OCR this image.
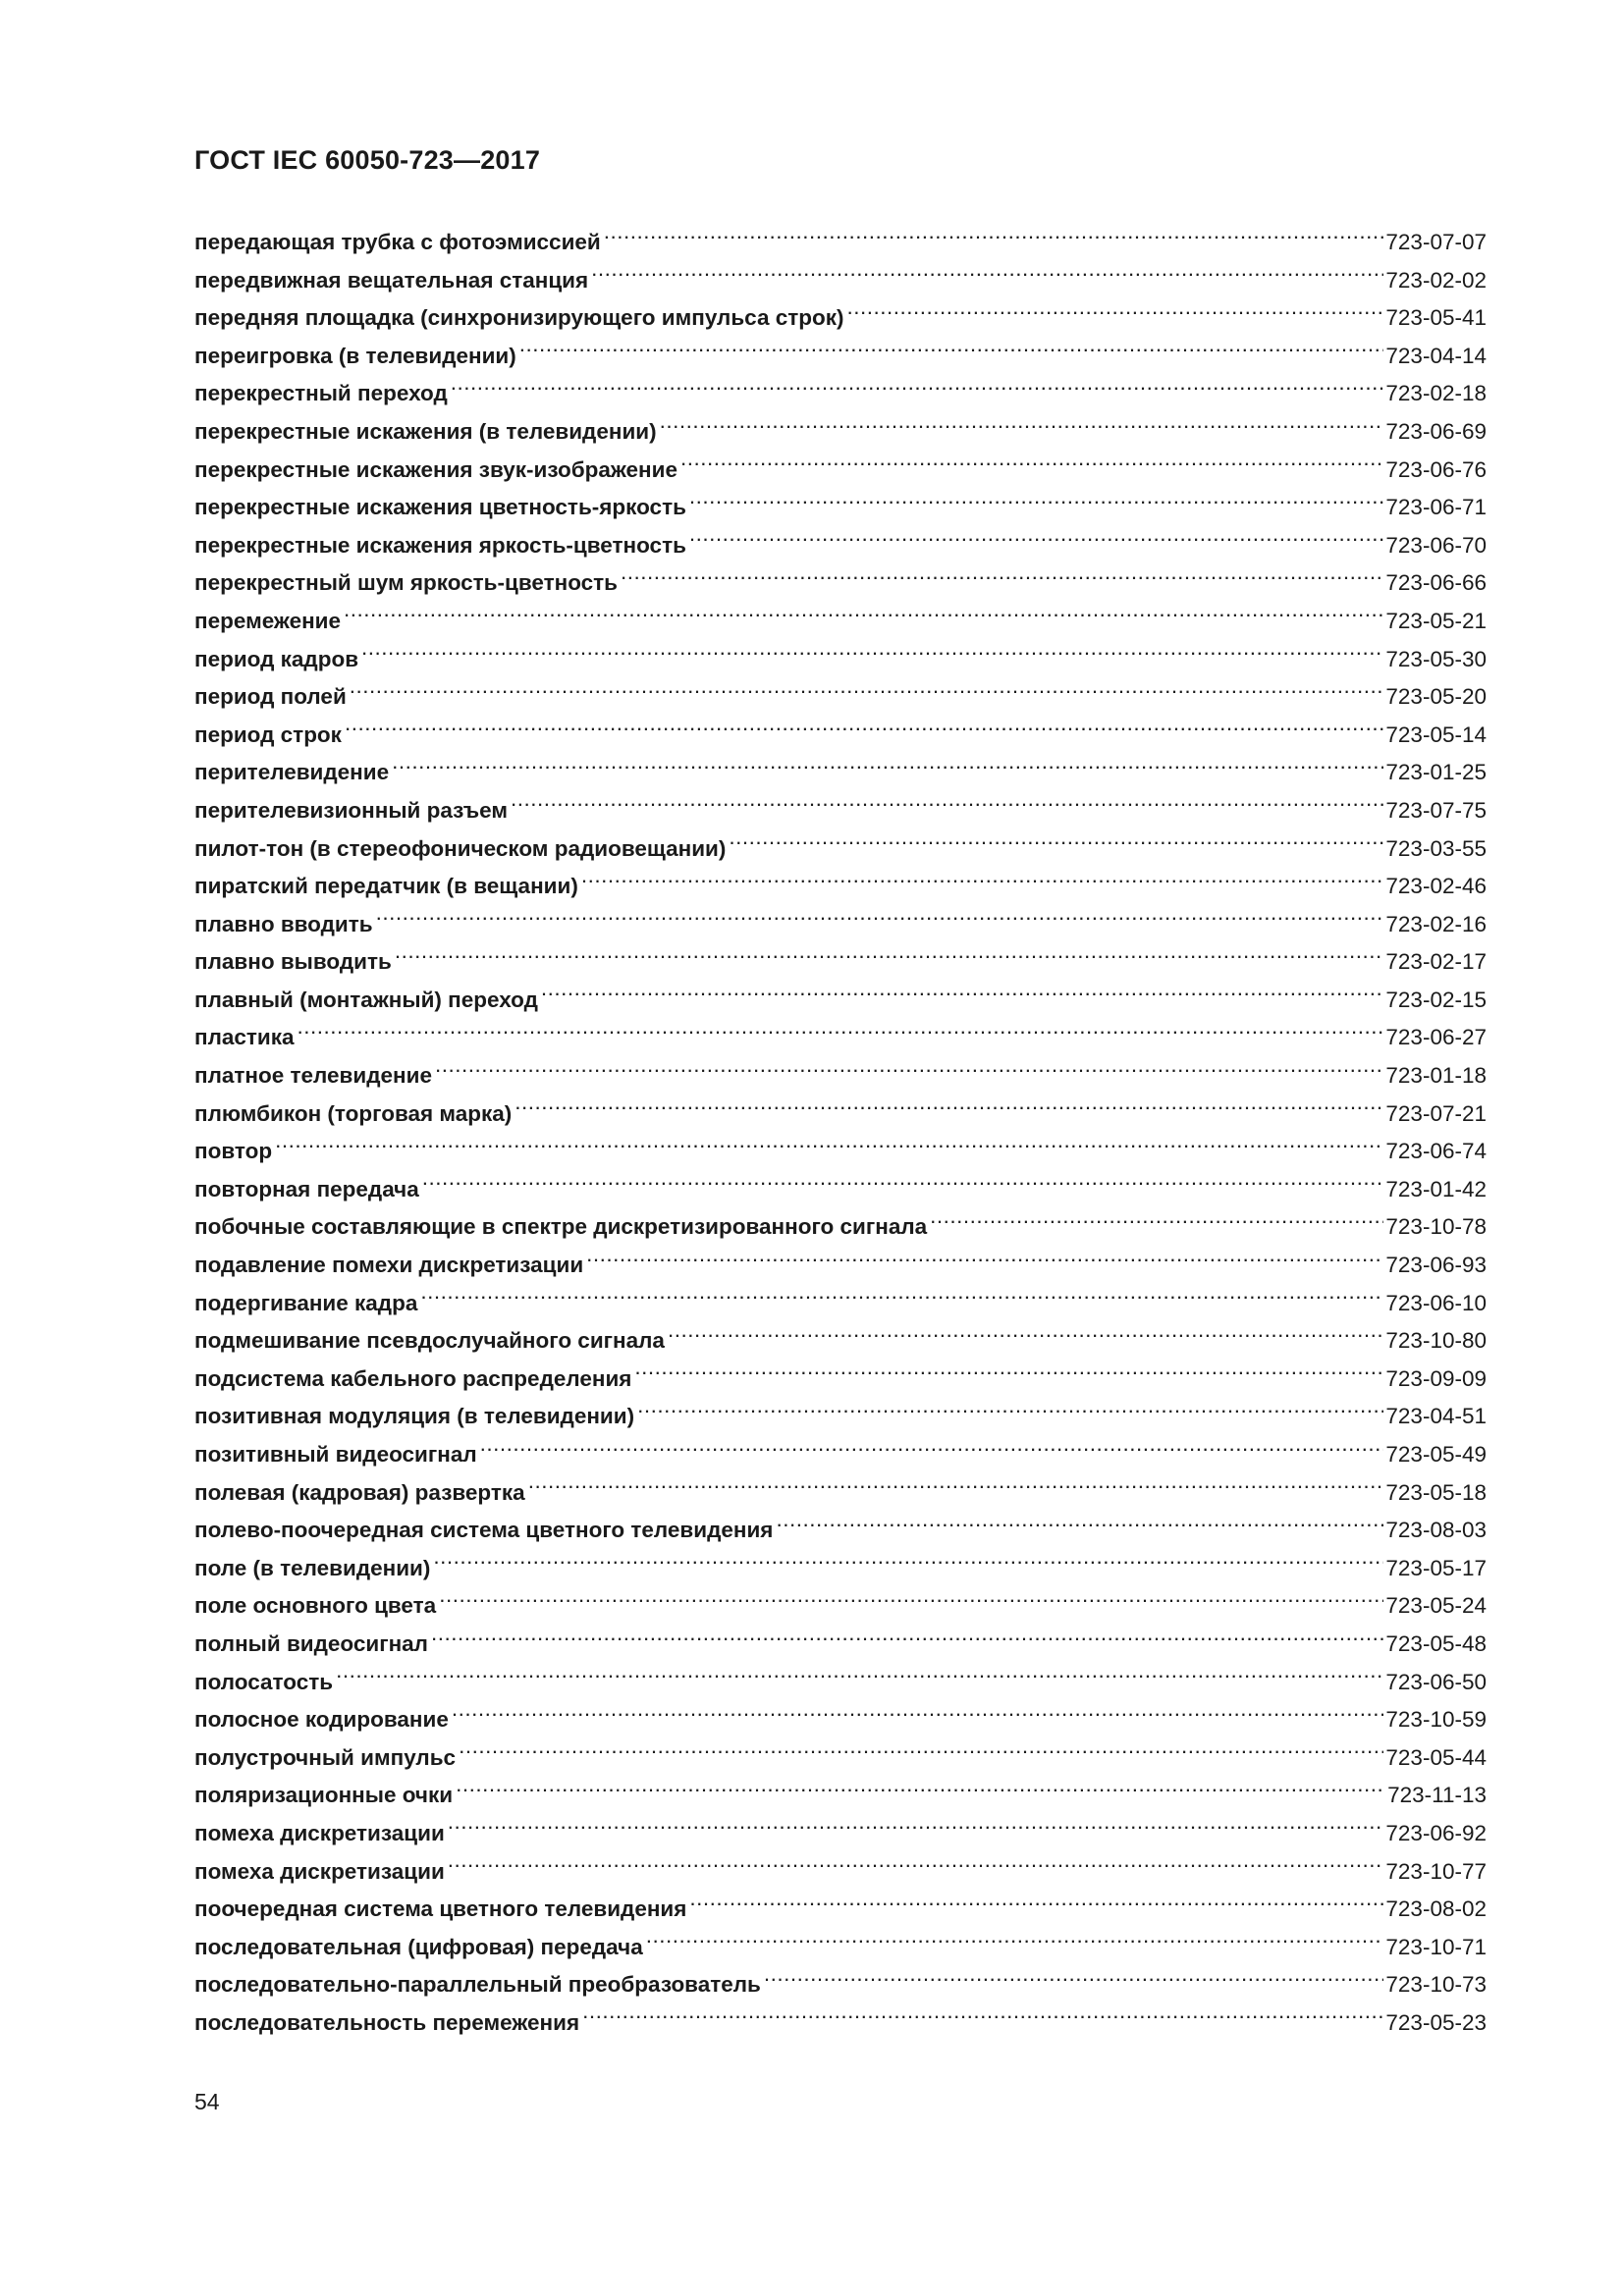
ГОСТ IEC 60050-723—2017
передающая трубка с фотоэмиссией .....	723-07-07
передвижная вещательная станция .....	723-02-02
передняя площадка (синхронизирующего импульса строк) .....	723-05-41
переигровка (в телевидении) .....	723-04-14
перекрестный переход .....	723-02-18
перекрестные искажения (в телевидении) .....	723-06-69
перекрестные искажения звук-изображение .....	723-06-76
перекрестные искажения цветность-яркость .....	723-06-71
перекрестные искажения яркость-цветность .....	723-06-70
перекрестный шум яркость-цветность .....	723-06-66
перемежение .....	723-05-21
период кадров .....	723-05-30
период полей .....	723-05-20
период строк .....	723-05-14
перителевидение .....	723-01-25
перителевизионный разъем .....	723-07-75
пилот-тон (в стереофоническом радиовещании) .....	723-03-55
пиратский передатчик (в вещании) .....	723-02-46
плавно вводить .....	723-02-16
плавно выводить .....	723-02-17
плавный (монтажный) переход .....	723-02-15
пластика .....	723-06-27
платное телевидение .....	723-01-18
плюмбикон (торговая марка) .....	723-07-21
повтор .....	723-06-74
повторная передача .....	723-01-42
побочные составляющие в спектре дискретизированного сигнала .....	723-10-78
подавление помехи дискретизации .....	723-06-93
подергивание кадра .....	723-06-10
подмешивание псевдослучайного сигнала .....	723-10-80
подсистема кабельного распределения .....	723-09-09
позитивная модуляция (в телевидении) .....	723-04-51
позитивный видеосигнал .....	723-05-49
полевая (кадровая) развертка .....	723-05-18
полево-поочередная система цветного телевидения .....	723-08-03
поле (в телевидении) .....	723-05-17
поле основного цвета .....	723-05-24
полный видеосигнал .....	723-05-48
полосатость .....	723-06-50
полосное кодирование .....	723-10-59
полустрочный импульс .....	723-05-44
поляризационные очки .....	723-11-13
помеха дискретизации .....	723-06-92
помеха дискретизации .....	723-10-77
поочередная система цветного телевидения .....	723-08-02
последовательная (цифровая) передача .....	723-10-71
последовательно-параллельный преобразователь .....	723-10-73
последовательность перемежения .....	723-05-23
54
